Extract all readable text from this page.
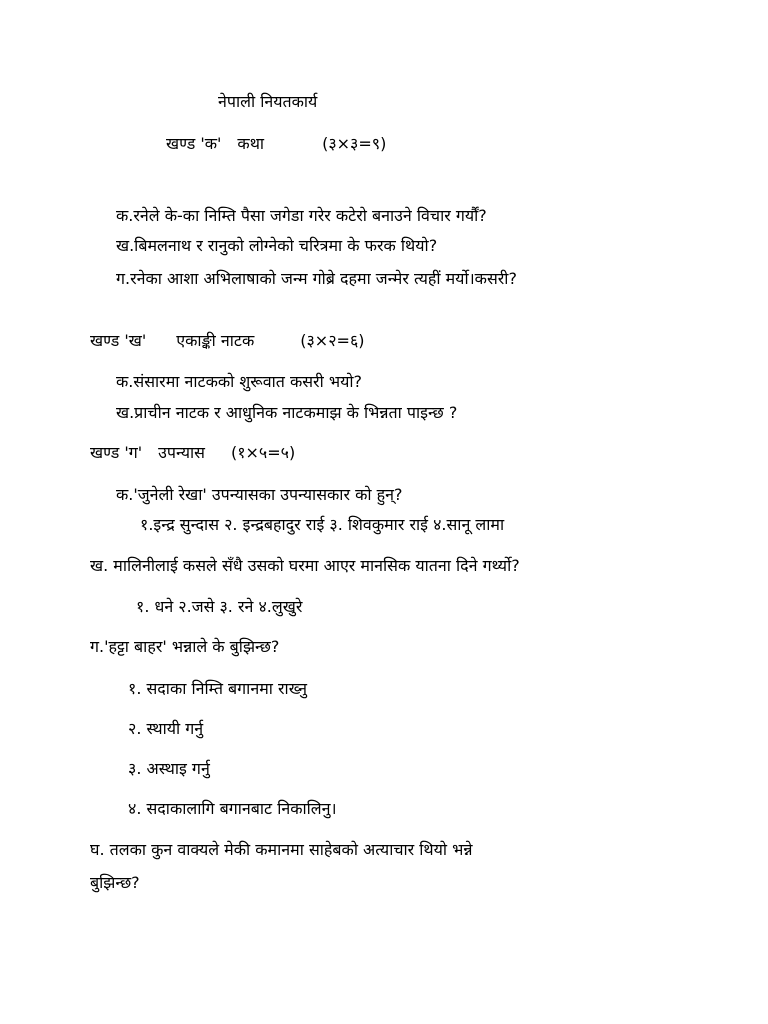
नेपाली नियतकार्य

खण्ड 'क' कथा	(३×३=९)

क.रनेले के-का निम्ति पैसा जगेडा गरेर कटेरो बनाउने विचार गर्यौं?

ख.बिमलनाथ र रानुको लोग्नेको चरित्रमा के फरक थियो?

ग.रनेका आशा अभिलाषाको जन्म गोब्रे दहमा जन्मेर त्यहीं मर्यो।कसरी?

खण्ड 'ख' एकाङ्की नाटक	(३×२=६)

क.संसारमा नाटकको शुरूवात कसरी भयो?

ख.प्राचीन नाटक र आधुनिक नाटकमाझ के भिन्नता पाइन्छ ?

खण्ड 'ग' उपन्यास (१×५=५)

क.'जुनेली रेखा' उपन्यासका उपन्यासकार को हुन्?

१.इन्द्र सुन्दास २. इन्द्रबहादुर राई ३. शिवकुमार राई ४.सानू लामा

ख. मालिनीलाई कसले सँधै उसको घरमा आएर मानसिक यातना दिने गर्थ्यो?

१. धने २.जसे ३. रने ४.लुखुरे

ग.'हट्टा बाहर' भन्नाले के बुझिन्छ?

१. सदाका निम्ति बगानमा राख्नु

२. स्थायी गर्नु

३. अस्थाइ गर्नु

४. सदाकालागि बगानबाट निकालिनु।

घ. तलका कुन वाक्यले मेकी कमानमा साहेबको अत्याचार थियो भन्ने

बुझिन्छ?
